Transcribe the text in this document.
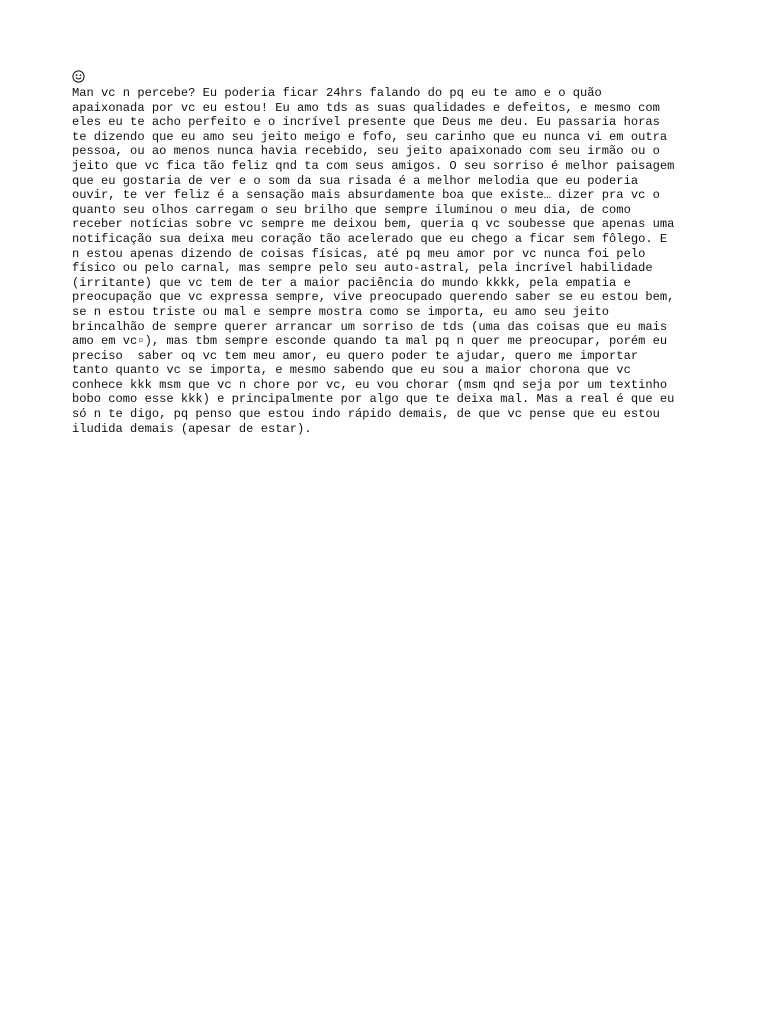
Man vc n percebe? Eu poderia ficar 24hrs falando do pq eu te amo e o quão
apaixonada por vc eu estou! Eu amo tds as suas qualidades e defeitos, e mesmo com
eles eu te acho perfeito e o incrível presente que Deus me deu. Eu passaria horas
te dizendo que eu amo seu jeito meigo e fofo, seu carinho que eu nunca vi em outra
pessoa, ou ao menos nunca havia recebido, seu jeito apaixonado com seu irmão ou o
jeito que vc fica tão feliz qnd ta com seus amigos. O seu sorriso é melhor paisagem
que eu gostaria de ver e o som da sua risada é a melhor melodia que eu poderia
ouvir, te ver feliz é a sensação mais absurdamente boa que existe… dizer pra vc o
quanto seu olhos carregam o seu brilho que sempre iluminou o meu dia, de como
receber notícias sobre vc sempre me deixou bem, queria q vc soubesse que apenas uma
notificação sua deixa meu coração tão acelerado que eu chego a ficar sem fôlego. E
n estou apenas dizendo de coisas físicas, até pq meu amor por vc nunca foi pelo
físico ou pelo carnal, mas sempre pelo seu auto-astral, pela incrível habilidade
(irritante) que vc tem de ter a maior paciência do mundo kkkk, pela empatia e
preocupação que vc expressa sempre, vive preocupado querendo saber se eu estou bem,
se n estou triste ou mal e sempre mostra como se importa, eu amo seu jeito
brincalhão de sempre querer arrancar um sorriso de tds (uma das coisas que eu mais
amo em vc▫), mas tbm sempre esconde quando ta mal pq n quer me preocupar, porém eu
preciso  saber oq vc tem meu amor, eu quero poder te ajudar, quero me importar
tanto quanto vc se importa, e mesmo sabendo que eu sou a maior chorona que vc
conhece kkk msm que vc n chore por vc, eu vou chorar (msm qnd seja por um textinho
bobo como esse kkk) e principalmente por algo que te deixa mal. Mas a real é que eu
só n te digo, pq penso que estou indo rápido demais, de que vc pense que eu estou
iludida demais (apesar de estar).
